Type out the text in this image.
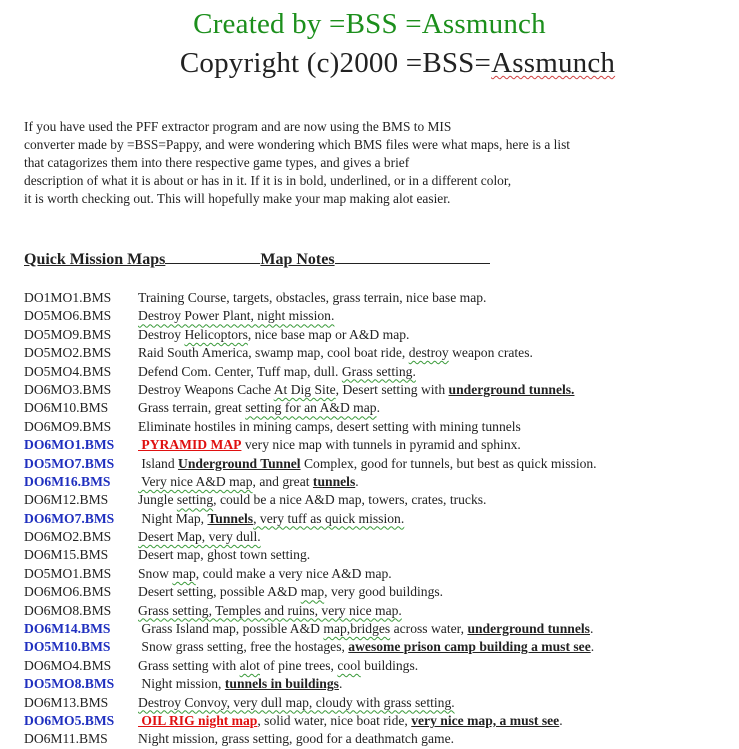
Created by =BSS =Assmunch
Copyright (c)2000 =BSS=Assmunch
If you have used the PFF extractor program and are now using the BMS to MIS
converter made by =BSS=Pappy, and were wondering which BMS files were what maps, here is a list
that catagorizes them into there respective game types, and gives a brief
description of what it is about or has in it. If it is in bold, underlined, or in a different color,
it is worth checking out. This will hopefully make your map making alot easier.
Quick Mission Maps	Map Notes
DO1MO1.BMS Training Course, targets, obstacles, grass terrain, nice base map.
DO5MO6.BMS Destroy Power Plant, night mission.
DO5MO9.BMS Destroy Helicoptors, nice base map or A&D map.
DO5MO2.BMS Raid South America, swamp map, cool boat ride, destroy weapon crates.
DO5MO4.BMS Defend Com. Center, Tuff map, dull. Grass setting.
DO6MO3.BMS Destroy Weapons Cache At Dig Site, Desert setting with underground tunnels.
DO6M10.BMS Grass terrain, great setting for an A&D map.
DO6MO9.BMS Eliminate hostiles in mining camps, desert setting with mining tunnels
DO6MO1.BMS PYRAMID MAP very nice map with tunnels in pyramid and sphinx.
DO5MO7.BMS Island Underground Tunnel Complex, good for tunnels, but best as quick mission.
DO6M16.BMS Very nice A&D map, and great tunnels.
DO6M12.BMS Jungle setting, could be a nice A&D map, towers, crates, trucks.
DO6MO7.BMS Night Map, Tunnels, very tuff as quick mission.
DO6MO2.BMS Desert Map, very dull.
DO6M15.BMS Desert map, ghost town setting.
DO5MO1.BMS Snow map, could make a very nice A&D map.
DO6MO6.BMS Desert setting, possible A&D map, very good buildings.
DO6MO8.BMS Grass setting, Temples and ruins, very nice map.
DO6M14.BMS Grass Island map, possible A&D map,bridges across water, underground tunnels.
DO5M10.BMS Snow grass setting, free the hostages, awesome prison camp building a must see.
DO6MO4.BMS Grass setting with alot of pine trees, cool buildings.
DO5MO8.BMS Night mission, tunnels in buildings.
DO6M13.BMS Destroy Convoy, very dull map, cloudy with grass setting.
DO6MO5.BMS OIL RIG night map, solid water, nice boat ride, very nice map, a must see.
DO6M11.BMS Night mission, grass setting, good for a deathmatch game.
